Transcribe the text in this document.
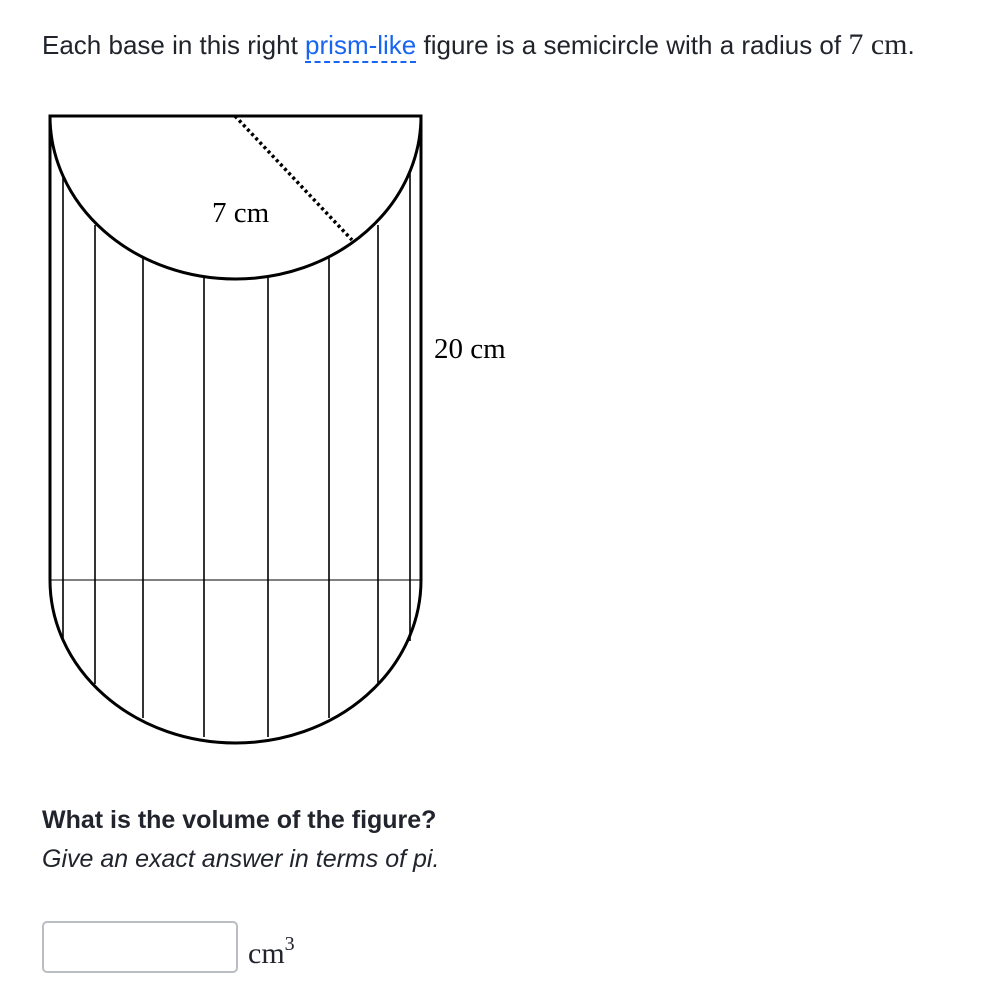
Each base in this right prism-like figure is a semicircle with a radius of 7 cm.
7 cm
20 cm
What is the volume of the figure?
Give an exact answer in terms of pi.
$cm^3$
